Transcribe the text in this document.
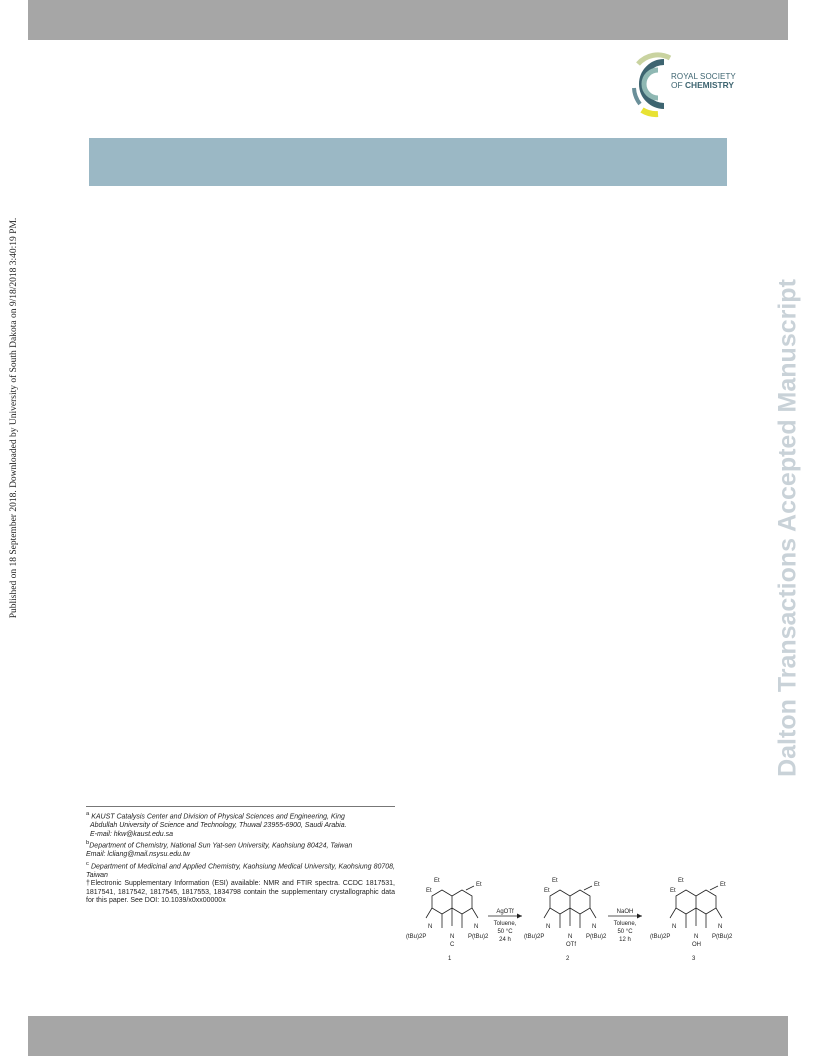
ROYAL SOCIETY
OF CHEMISTRY
Published on 18 September 2018. Downloaded by University of South Dakota on 9/18/2018 3:40:19 PM.	Dalton Transactions Accepted Manuscript

$^a$ KAUST Catalysis Center and Division of Physical Sciences and Engineering, King

Abdullah University of Science and Technology, Thuwal 23955-6900, Saudi Arabia.

E-mail: hkw@kaust.edu.sa

$^b$Department of Chemistry, National Sun Yat-sen University, Kaohsiung 80424, Taiwan

Email: lcliang@mail.nsysu.edu.tw

$^c$ Department of Medicinal and Applied Chemistry, Kaohsiung Medical University, Kaohsiung 80708, Taiwan

†Electronic Supplementary Information (ESI) available: NMR and FTIR spectra. CCDC 1817531, 1817541, 1817542, 1817545, 1817553, 1834798 contain the supplementary crystallographic data for this paper. See DOI: 10.1039/x0xx00000x

Et
Et
Et
N	N
N
(tBu)2P	P(tBu)2
C
1
AgOTf
Toluene,
50 °C
24 h
Et
Et
Et
N	N
N
(tBu)2P	P(tBu)2
OTf
2
NaOH
Toluene,
50 °C
12 h
Et
Et
Et
N	N
N
(tBu)2P	P(tBu)2
OH
3
